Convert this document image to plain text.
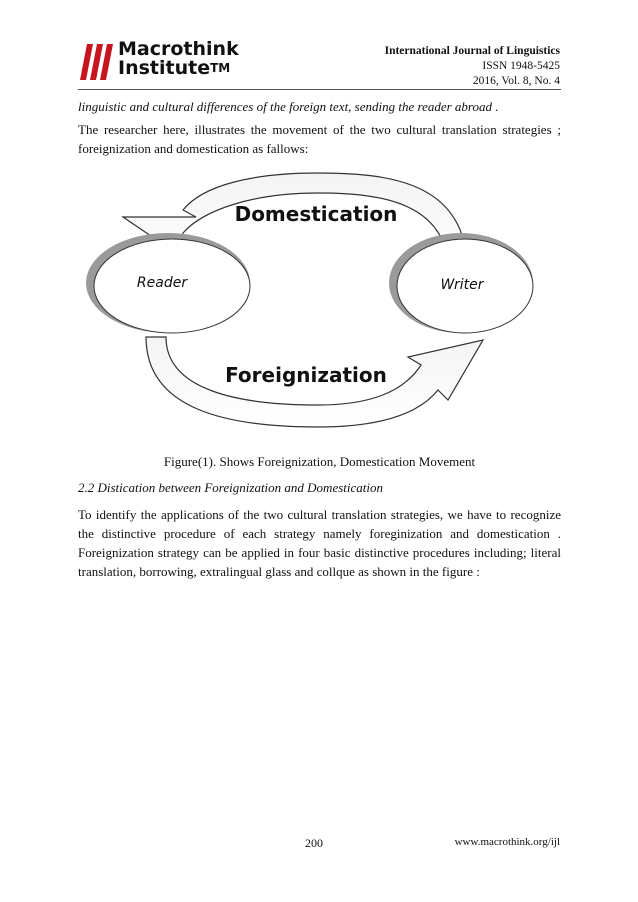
Macrothink
Institute™
International Journal of Linguistics
ISSN 1948-5425
2016, Vol. 8, No. 4

linguistic and cultural differences of the foreign text, sending the reader abroad .

The researcher here, illustrates the movement of the two cultural translation strategies ; foreignization and domestication as fallows:

Domestication
Foreignization
Reader	Writer
Figure(1). Shows Foreignization, Domestication Movement

2.2 Distication between Foreignization and Domestication

To identify the applications of the two cultural translation strategies, we have to recognize the distinctive procedure of each strategy namely foreginization and domestication . Foreignization strategy can be applied in four basic distinctive procedures including; literal translation, borrowing, extralingual glass and collque as shown in the figure :

200	www.macrothink.org/ijl
